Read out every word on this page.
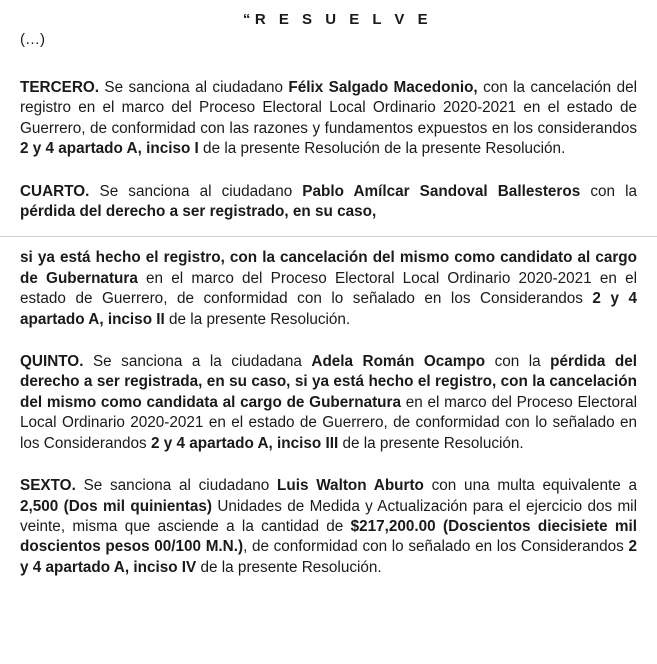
“R E S U E L V E
(…)

TERCERO. Se sanciona al ciudadano Félix Salgado Macedonio, con la cancelación del registro en el marco del Proceso Electoral Local Ordinario 2020-2021 en el estado de Guerrero, de conformidad con las razones y fundamentos expuestos en los considerandos 2 y 4 apartado A, inciso I de la presente Resolución de la presente Resolución.

CUARTO. Se sanciona al ciudadano Pablo Amílcar Sandoval Ballesteros con la pérdida del derecho a ser registrado, en su caso,

si ya está hecho el registro, con la cancelación del mismo como candidato al cargo de Gubernatura en el marco del Proceso Electoral Local Ordinario 2020-2021 en el estado de Guerrero, de conformidad con lo señalado en los Considerandos 2 y 4 apartado A, inciso II de la presente Resolución.

QUINTO. Se sanciona a la ciudadana Adela Román Ocampo con la pérdida del derecho a ser registrada, en su caso, si ya está hecho el registro, con la cancelación del mismo como candidata al cargo de Gubernatura en el marco del Proceso Electoral Local Ordinario 2020-2021 en el estado de Guerrero, de conformidad con lo señalado en los Considerandos 2 y 4 apartado A, inciso III de la presente Resolución.

SEXTO. Se sanciona al ciudadano Luis Walton Aburto con una multa equivalente a 2,500 (Dos mil quinientas) Unidades de Medida y Actualización para el ejercicio dos mil veinte, misma que asciende a la cantidad de $217,200.00 (Doscientos diecisiete mil doscientos pesos 00/100 M.N.), de conformidad con lo señalado en los Considerandos 2 y 4 apartado A, inciso IV de la presente Resolución.
